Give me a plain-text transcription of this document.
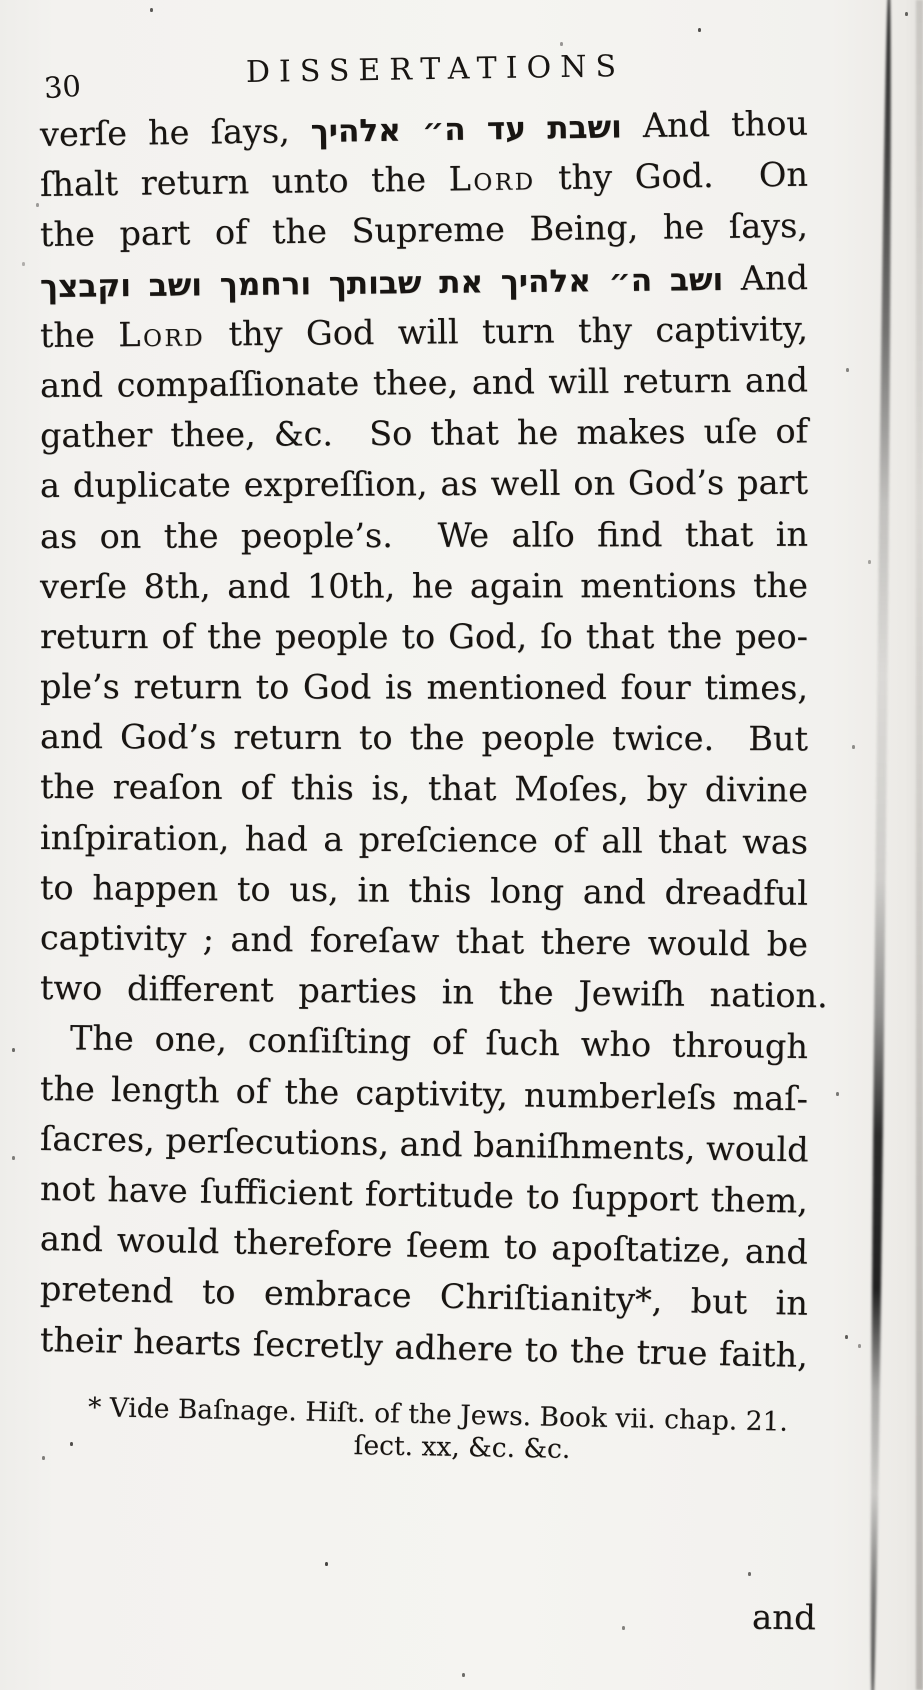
30	DISSERTATIONS
verſe he ſays, ושבת עד ה״ אלהיך And thou
ſhalt return unto the Lord thy God.  On
the part of the Supreme Being, he ſays,
ושב ה״ אלהיך את שבותך ורחמך ושב וקבצך And
the Lord thy God will turn thy captivity,
and compaſſionate thee, and will return and
gather thee, &c.  So that he makes uſe of
a duplicate expreſſion, as well on God’s part
as on the people’s.  We alſo find that in
verſe 8th, and 10th, he again mentions the
return of the people to God, ſo that the peo-
ple’s return to God is mentioned four times,
and God’s return to the people twice.  But
the reaſon of this is, that Moſes, by divine
inſpiration, had a preſcience of all that was
to happen to us, in this long and dreadful
captivity ; and foreſaw that there would be
two different parties in the Jewiſh nation.
The one, conſiſting of ſuch who through
the length of the captivity, numberleſs maſ-
ſacres, perſecutions, and baniſhments, would
not have ſufficient fortitude to ſupport them,
and would therefore ſeem to apoſtatize, and
pretend to embrace Chriſtianity*, but in
their hearts ſecretly adhere to the true faith,
* Vide Baſnage. Hiſt. of the Jews. Book vii. chap. 21.
ſect. xx, &c. &c.
and
